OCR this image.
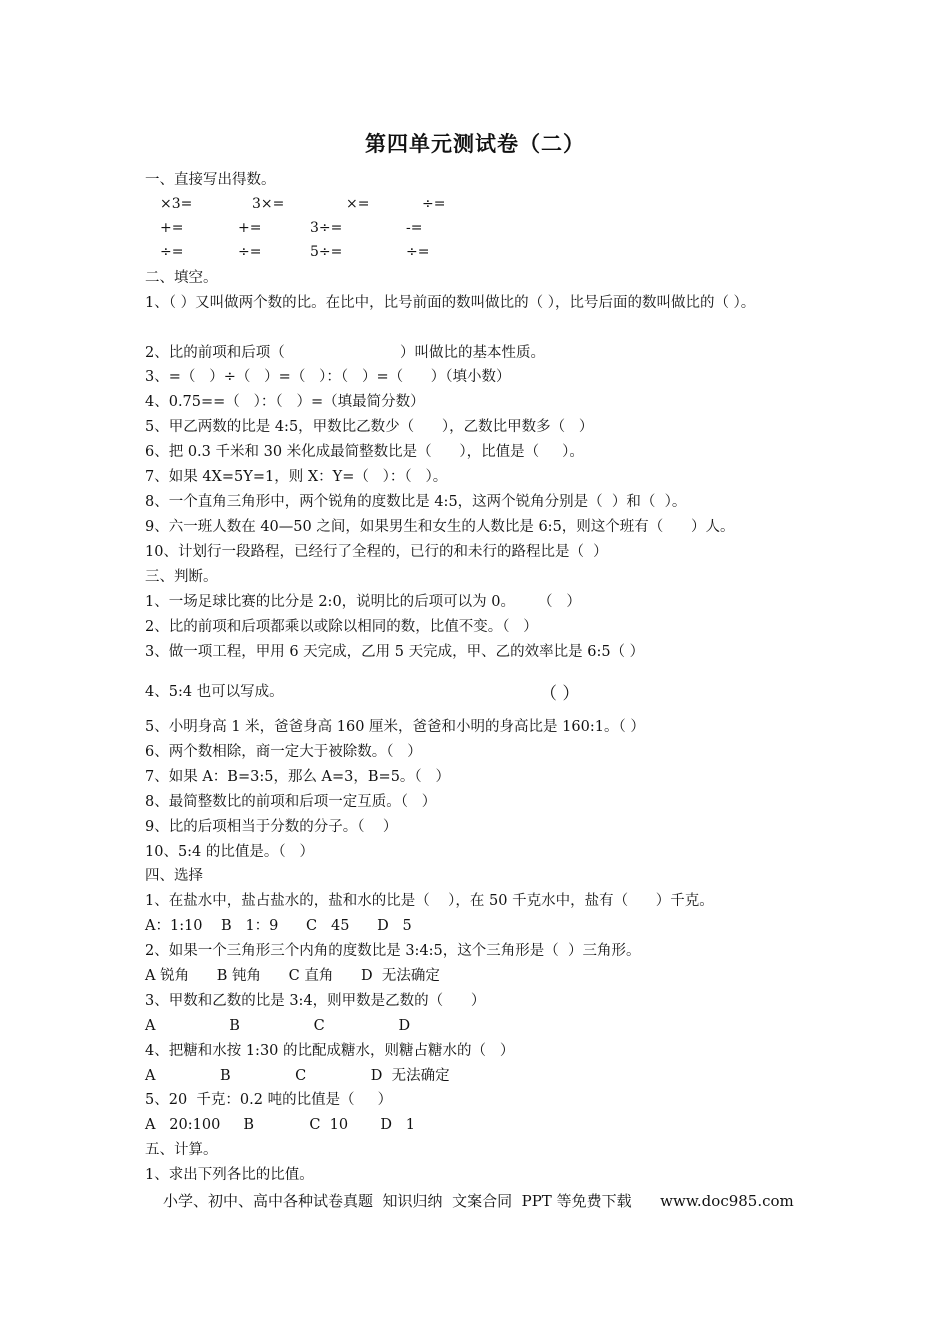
第四单元测试卷（二）
一、直接写出得数。
×3=	3×=	×=	÷=
+=	+=	3÷=	-=
÷=	÷=	5÷=	÷=
二、填空。
1、（ ）又叫做两个数的比。在比中，比号前面的数叫做比的（ ），比号后面的数叫做比的（ ）。
2、比的前项和后项（                         ）叫做比的基本性质。
3、=（   ）÷（   ）=（   ）：（   ）=（      ）（填小数）
4、0.75==（   ）：（   ）=（填最简分数）
5、甲乙两数的比是 4:5，甲数比乙数少（      ），乙数比甲数多（   ）
6、把 0.3 千米和 30 米化成最简整数比是（      ），比值是（     ）。
7、如果 4X=5Y=1，则 X：Y=（   ）：（   ）。
8、一个直角三角形中，两个锐角的度数比是 4:5，这两个锐角分别是（  ）和（  ）。
9、六一班人数在 40—50 之间，如果男生和女生的人数比是 6:5，则这个班有（      ）人。
10、计划行一段路程，已经行了全程的，已行的和未行的路程比是（  ）
三、判断。
1、一场足球比赛的比分是 2:0，说明比的后项可以为 0。     （   ）
2、比的前项和后项都乘以或除以相同的数，比值不变。（   ）
3、做一项工程，甲用 6 天完成，乙用 5 天完成，甲、乙的效率比是 6:5（ ）
4、5:4 也可以写成。	（ ）
5、小明身高 1 米，爸爸身高 160 厘米，爸爸和小明的身高比是 160:1。（ ）
6、两个数相除，商一定大于被除数。（   ）
7、如果 A：B=3:5，那么 A=3，B=5。（   ）
8、最简整数比的前项和后项一定互质。（   ）
9、比的后项相当于分数的分子。（    ）
10、5:4 的比值是。（   ）
四、选择
1、在盐水中，盐占盐水的，盐和水的比是（    ），在 50 千克水中，盐有（      ）千克。
A：1:10    B   1：9      C   45      D   5
2、如果一个三角形三个内角的度数比是 3:4:5，这个三角形是（  ）三角形。
A 锐角      B 钝角      C 直角      D  无法确定
3、甲数和乙数的比是 3:4，则甲数是乙数的（      ）
A                B                C                D
4、把糖和水按 1:30 的比配成糖水，则糖占糖水的（   ）
A              B              C              D  无法确定
5、20  千克：0.2 吨的比值是（     ）
A   20:100     B            C  10       D   1
五、计算。
1、求出下列各比的比值。
小学、初中、高中各种试卷真题  知识归纳  文案合同  PPT 等免费下载      www.doc985.com
